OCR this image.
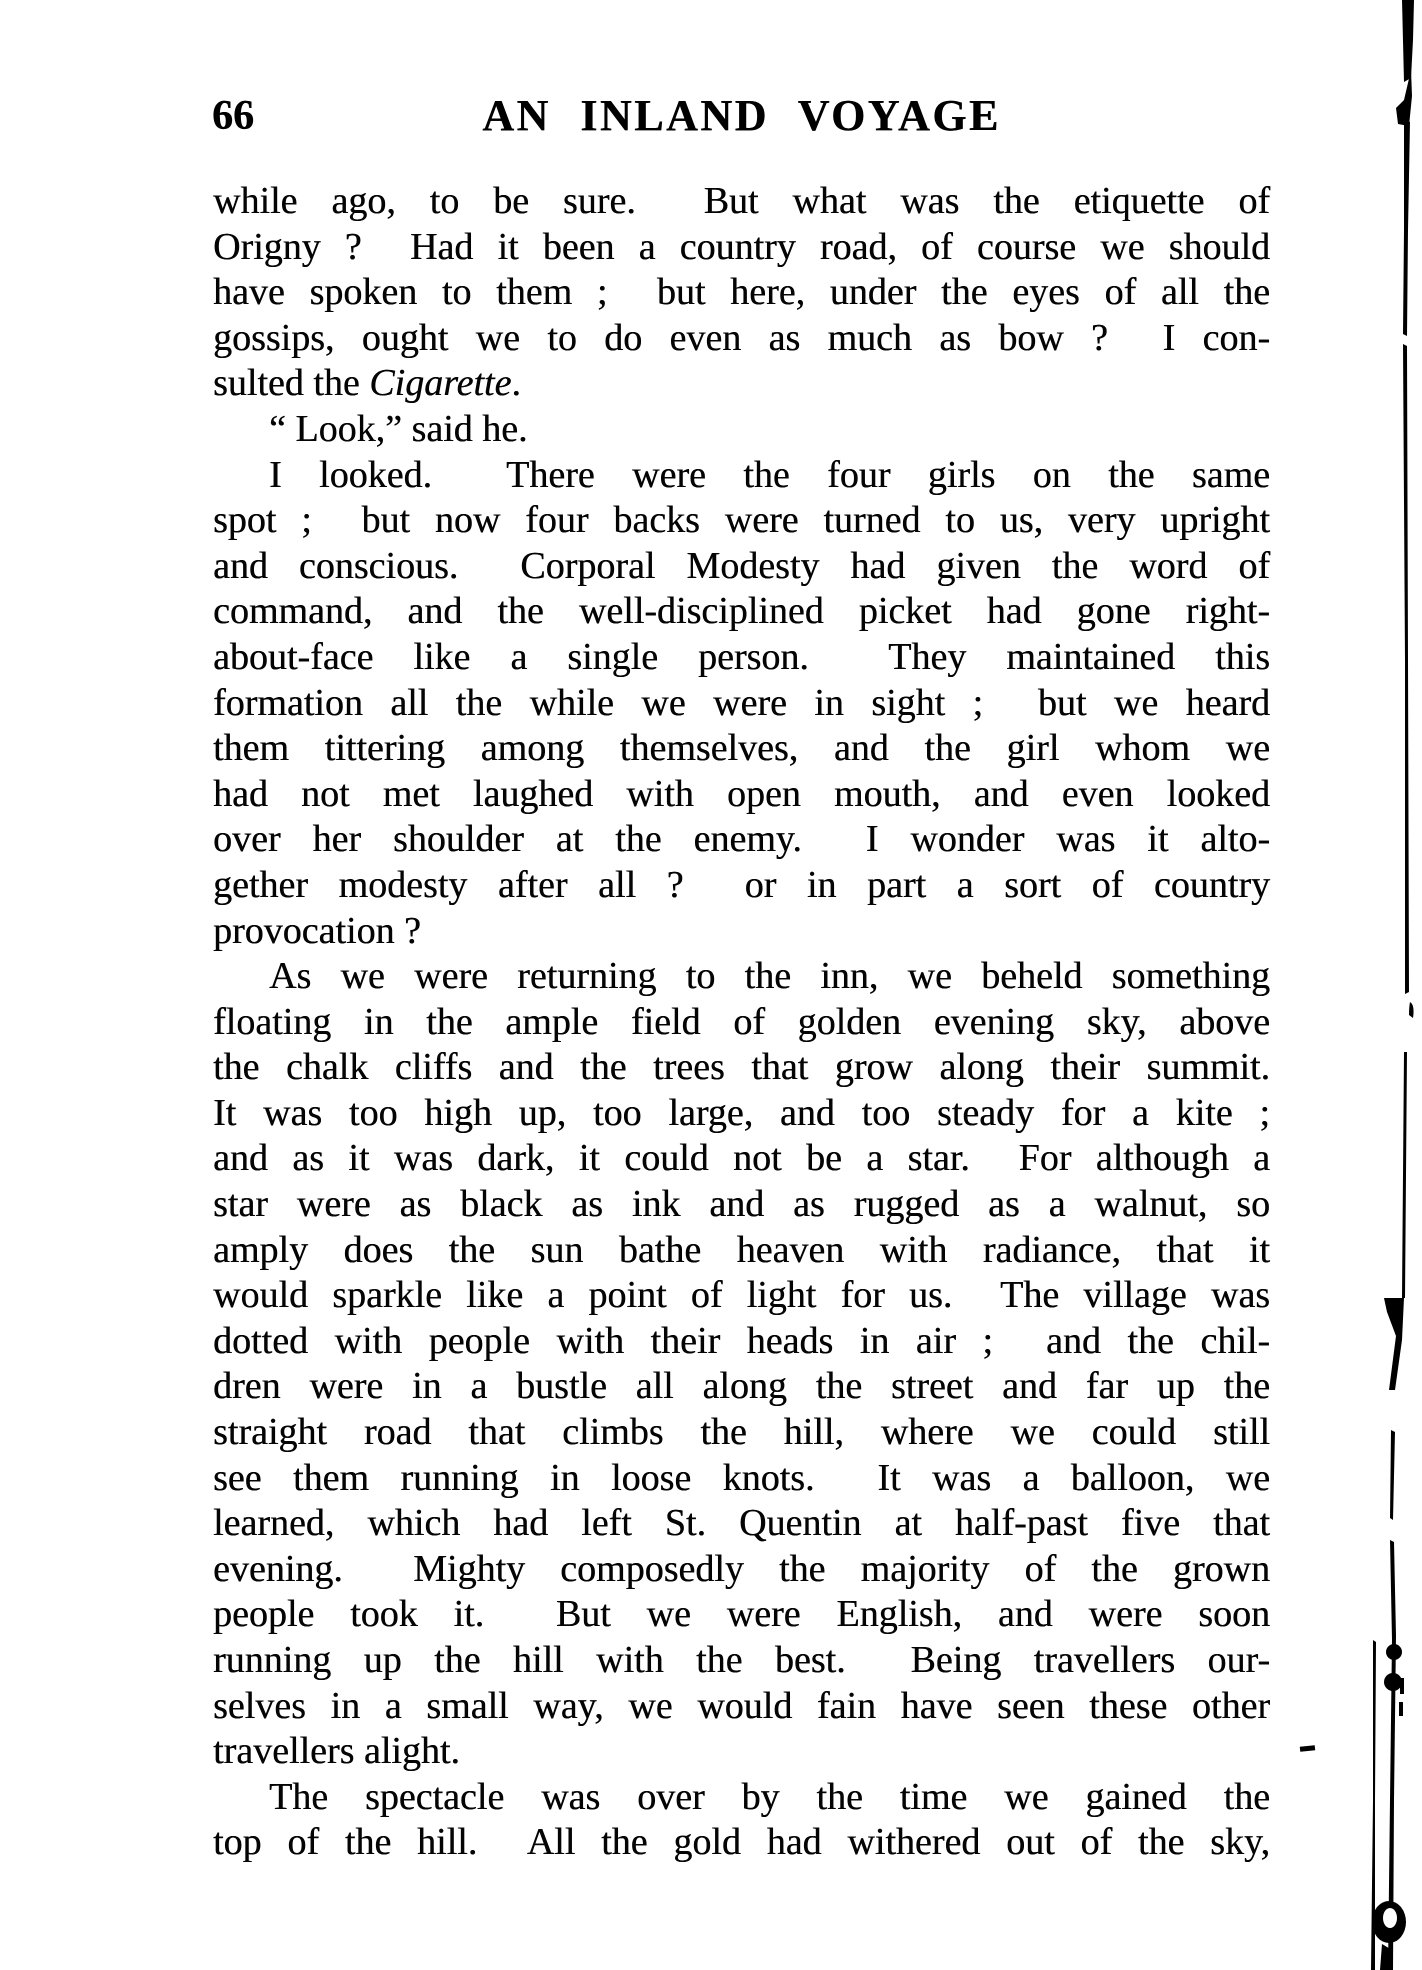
66	AN INLAND VOYAGE
while ago, to be sure.  But what was the etiquette of
Origny ?  Had it been a country road, of course we should
have spoken to them ;  but here, under the eyes of all the
gossips, ought we to do even as much as bow ?  I con-
sulted the Cigarette.
“ Look,” said he.
I looked.  There were the four girls on the same
spot ;  but now four backs were turned to us, very upright
and conscious.  Corporal Modesty had given the word of
command, and the well-disciplined picket had gone right-
about-face like a single person.  They maintained this
formation all the while we were in sight ;  but we heard
them tittering among themselves, and the girl whom we
had not met laughed with open mouth, and even looked
over her shoulder at the enemy.  I wonder was it alto-
gether modesty after all ?  or in part a sort of country
provocation ?
As we were returning to the inn, we beheld something
floating in the ample field of golden evening sky, above
the chalk cliffs and the trees that grow along their summit.
It was too high up, too large, and too steady for a kite ;
and as it was dark, it could not be a star.  For although a
star were as black as ink and as rugged as a walnut, so
amply does the sun bathe heaven with radiance, that it
would sparkle like a point of light for us.  The village was
dotted with people with their heads in air ;  and the chil-
dren were in a bustle all along the street and far up the
straight road that climbs the hill, where we could still
see them running in loose knots.  It was a balloon, we
learned, which had left St. Quentin at half-past five that
evening.  Mighty composedly the majority of the grown
people took it.  But we were English, and were soon
running up the hill with the best.  Being travellers our-
selves in a small way, we would fain have seen these other
travellers alight.
The spectacle was over by the time we gained the
top of the hill.  All the gold had withered out of the sky,
